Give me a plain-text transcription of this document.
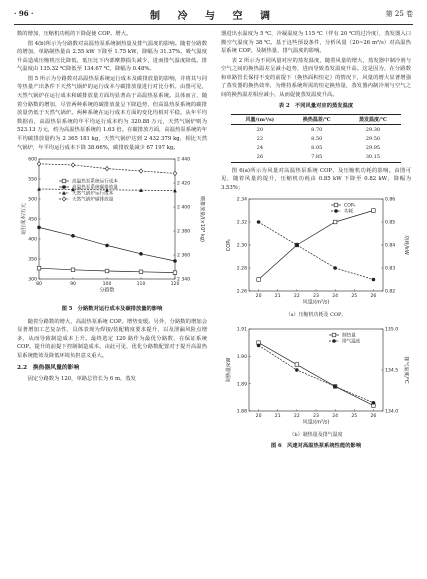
· 96 ·	制 冷 与 空 调	第 25 卷

数的增加，压缩机功耗的下降促使 COP。增大。

图 4(b)所示为分路数对高温热泵系统制热量及排气温度的影响。随着分路数的增加，单路制热量由 2.55 kW 下降至 1.75 kW，降幅为 31.37%。吸气温度升高造成压缩机压比降低，低压比下内部摩擦损失减少，进而排气温度降低。排气温度由 135.32 ℃降低至 134.67 ℃，降幅为 0.48%。

图 5 所示为分路数对高温热泵系统运行成本及碳排放量的影响，并将其与同等热量产出条件下天然气锅炉的运行成本与碳排放量进行对比分析。由图可见，天然气锅炉在运行成本和碳排放量方面均显著高于高温热泵系统。具体而言，随着分路数的增加，尽管两种系统的碳排放量呈下降趋势，但高温热泵系统的碳排放量仍低于天然气锅炉。两种系统在运行成本方面的变化均相对平稳。从年平均数据看，高温热泵系统的年平均运行成本约为 320.88 万元，天然气锅炉则为 523.13 万元，约为高温热泵系统的 1.63 倍。在碳排放方面，高温热泵系统的年平均碳排放量约为 2 365 181 kg，天然气锅炉达到 2 432 379 kg，相比天然气锅炉，年平均运行成本下降 38.66%，碳排放量减少 67 197 kg。

80	90	100	110	120
300
350
400
450
500
550
600
2 340
2 360
2 380
2 400
2 420
2 440
分路数
运行成本/万元	碳排放量/(×10³ kg)
高温热泵系统运行成本
高温热泵系统碳排放量
天然气锅炉运行成本
天然气锅炉碳排放量
图 5　分路数对运行成本及碳排放量的影响

随着分路数的增大，高温热泵系统 COP。增势变缓。另外，分路数的增加会显著增加工艺复杂性，具体表现为焊接/装配精度要求提升，以及泄漏风险点增多，从而导致制造成本上升。最终选定 120 路作为最优分路数，在保证系统 COP。提升的前提下控制制造成本。由此可见，优化分路数配置对于提升高温热泵系统能效及降低环境负担意义重大。

2.2　换热器风量的影响

固定分路数为 120，单路总管长为 6 m，蒸发

器进出水温度为 5 ℃，冷凝温度为 115 ℃（伴有 20 ℃的过冷度），蒸发器入口搬空气温度为 38 ℃。基于这些预设条件，分析风量（20~26 m³/s）对高温热泵系统 COP。及制热量、排气温度的影响。

表 2 所示为不同风量对应的蒸发温度，随着风量的增大，蒸发器中制冷剂与空气之间的换热温差呈减小趋势，进而导致蒸发温度升高。这是因为，在分路数和单路管长保持不变的前提下（换热面积恒定）的情况下，风量的增大显著增强了蒸发器的换热效率，为维持系统所需的恒定换热量，蒸发器内制冷剂与空气之间的换热温差相应减小，从而促使蒸发温度升高。

表 2　不同风量对应的蒸发温度
风量/(m³/s)	换热温差/℃	蒸发温度/℃
20	8.70	29.30
22	8.50	29.50
24	8.05	29.95
26	7.85	30.15

图 6(a)所示为风量对高温热泵系统 COP。及压缩机功耗的影响。由图可见，随着风量的提升，压缩机功耗由 0.85 kW 下降至 0.82 kW，降幅为 3.53%；

20	21	22	23	24	25	26
2.26
2.28
2.30
2.32
2.34
0.82
0.83
0.84
0.85
0.86
风量/(m³/s)
COPₕ	功耗/kW
COPₕ
功耗
（a）压缩机功耗及 COP。
20	21	22	23	24	25	26
1.88
1.89
1.90
1.91
134.0
134.5
135.0
风量/(m³/s)
制热量/kW	排气温度/℃
制热量
排气温度
（b）制热量及排气温度
图 6　风速对高温热泵系统性能的影响
